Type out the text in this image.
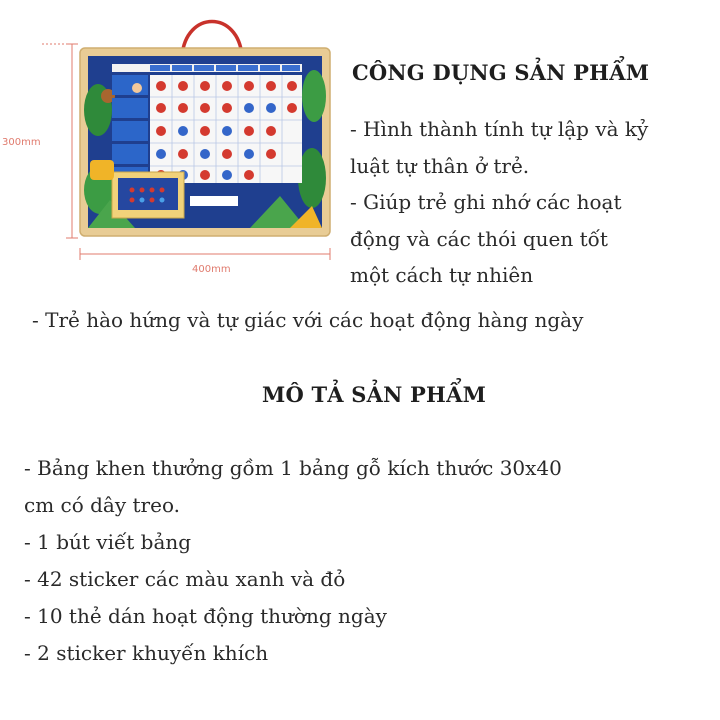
300mm
400mm
CÔNG DỤNG SẢN PHẨM
- Hình thành tính tự lập và kỷ
luật tự thân ở trẻ.
- Giúp trẻ ghi nhớ các hoạt
động và các thói quen tốt
một cách tự nhiên
- Trẻ hào hứng và tự giác với các hoạt động hàng ngày
MÔ TẢ SẢN PHẨM
- Bảng khen thưởng gồm 1 bảng gỗ kích thước 30x40
cm có dây treo.
- 1 bút viết bảng
- 42 sticker các màu xanh và đỏ
- 10 thẻ dán hoạt động thường ngày
- 2 sticker khuyến khích
